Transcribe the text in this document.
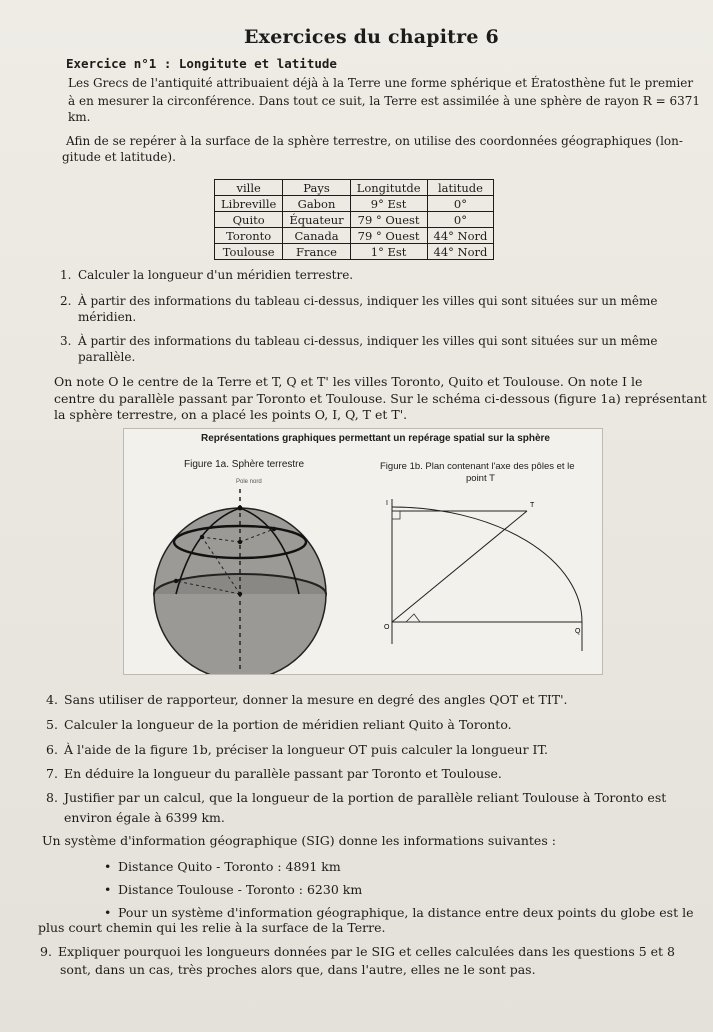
Exercices du chapitre 6
Exercice n°1 : Longitute et latitude
Les Grecs de l'antiquité attribuaient déjà à la Terre une forme sphérique et Ératosthène fut le premier
à en mesurer la circonférence. Dans tout ce suit, la Terre est assimilée à une sphère de rayon R = 6371
km.
Afin de se repérer à la surface de la sphère terrestre, on utilise des coordonnées géographiques (lon-
gitude et latitude).
ville	Pays	Longitutde	latitude
Libreville	Gabon	9° Est	0°
Quito	Équateur	79 ° Ouest	0°
Toronto	Canada	79 ° Ouest	44° Nord
Toulouse	France	1° Est	44° Nord
1. Calculer la longueur d'un méridien terrestre.
2. À partir des informations du tableau ci-dessus, indiquer les villes qui sont situées sur un même
méridien.
3. À partir des informations du tableau ci-dessus, indiquer les villes qui sont situées sur un même
parallèle.
On note O le centre de la Terre et T, Q et T' les villes Toronto, Quito et Toulouse. On note I le
centre du parallèle passant par Toronto et Toulouse. Sur le schéma ci-dessous (figure 1a) représentant
la sphère terrestre, on a placé les points O, I, Q, T et T'.
Représentations graphiques permettant un repérage spatial sur la sphère
Figure 1a. Sphère terrestre
Pole nord
Figure 1b. Plan contenant l'axe des pôles et le
point T
I	T
O
Q
4. Sans utiliser de rapporteur, donner la mesure en degré des angles QOT et TIT'.
5. Calculer la longueur de la portion de méridien reliant Quito à Toronto.
6. À l'aide de la figure 1b, préciser la longueur OT puis calculer la longueur IT.
7. En déduire la longueur du parallèle passant par Toronto et Toulouse.
8. Justifier par un calcul, que la longueur de la portion de parallèle reliant Toulouse à Toronto est
environ égale à 6399 km.
Un système d'information géographique (SIG) donne les informations suivantes :
• Distance Quito - Toronto : 4891 km
• Distance Toulouse - Toronto : 6230 km
• Pour un système d'information géographique, la distance entre deux points du globe est le
plus court chemin qui les relie à la surface de la Terre.
9. Expliquer pourquoi les longueurs données par le SIG et celles calculées dans les questions 5 et 8
sont, dans un cas, très proches alors que, dans l'autre, elles ne le sont pas.
